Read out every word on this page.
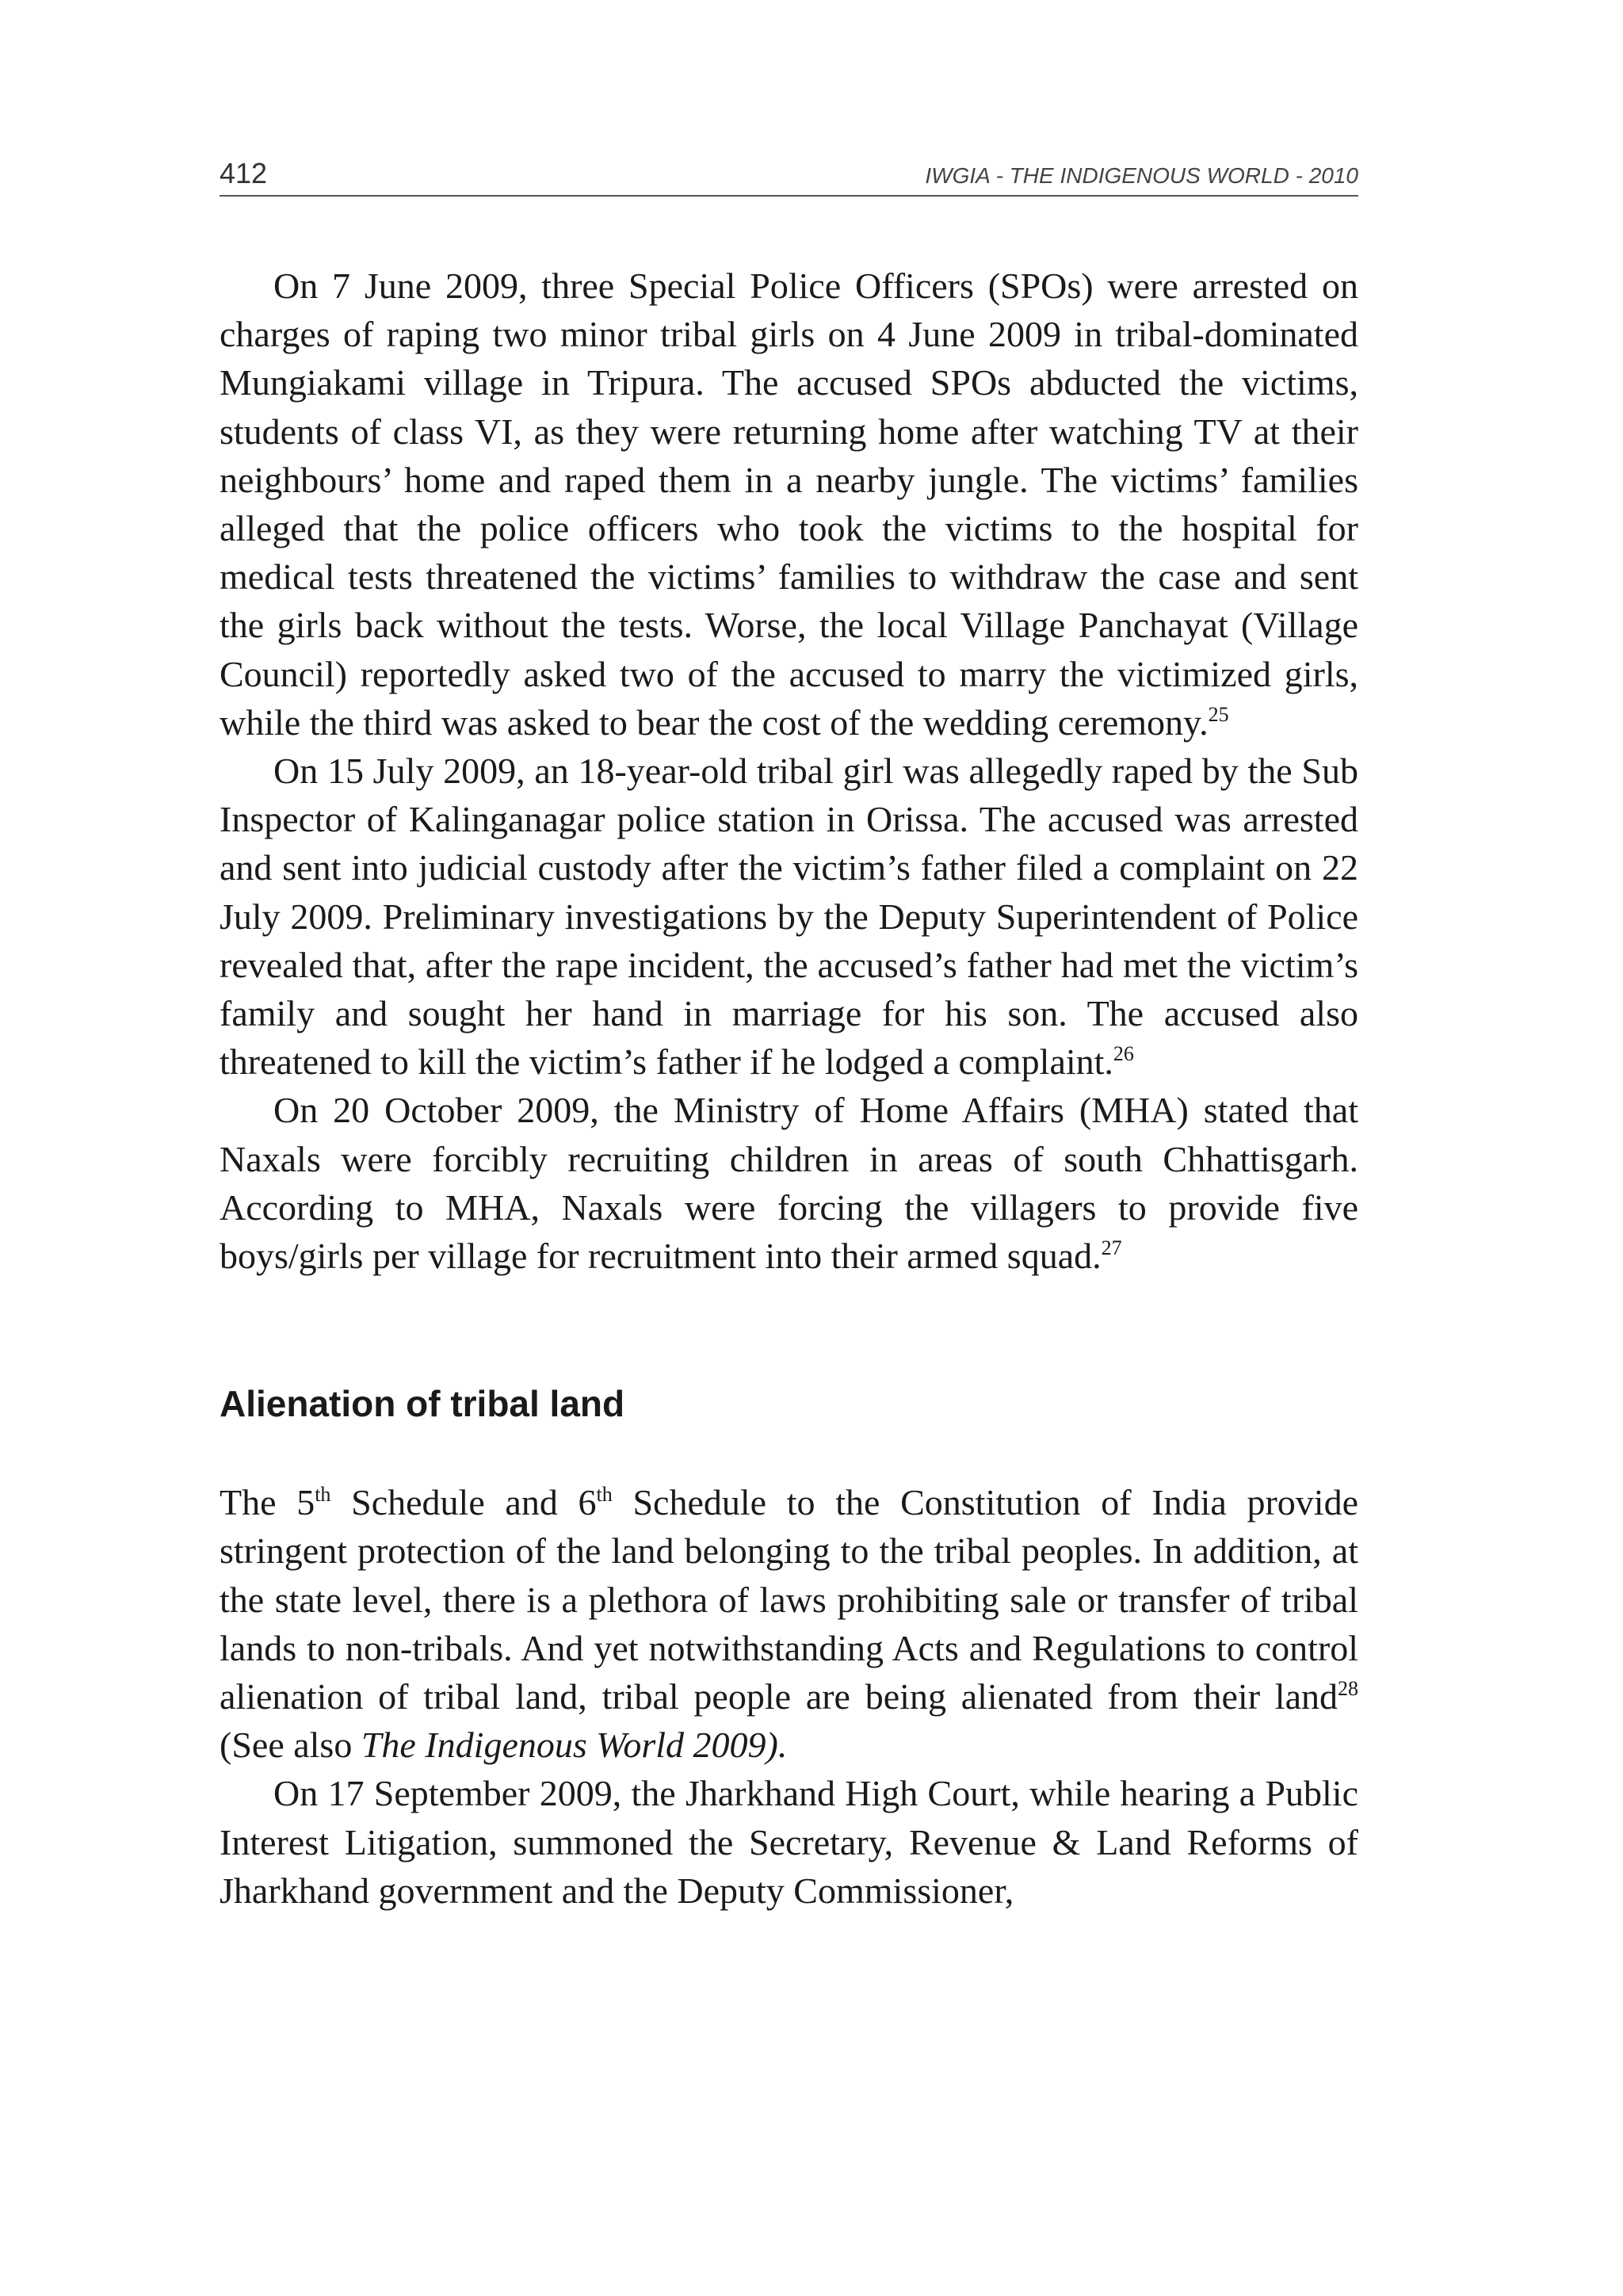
412	IWGIA - THE INDIGENOUS WORLD - 2010

On 7 June 2009, three Special Police Officers (SPOs) were arrested on charges of raping two minor tribal girls on 4 June 2009 in tribal-dominated Mungiakami village in Tripura. The accused SPOs abducted the victims, students of class VI, as they were returning home after watching TV at their neighbours’ home and raped them in a nearby jungle. The victims’ families alleged that the police officers who took the victims to the hospital for medical tests threatened the victims’ families to withdraw the case and sent the girls back without the tests. Worse, the local Village Panchayat (Village Council) reportedly asked two of the accused to marry the victimized girls, while the third was asked to bear the cost of the wedding ceremony.$^{25}$

On 15 July 2009, an 18-year-old tribal girl was allegedly raped by the Sub Inspector of Kalinganagar police station in Orissa. The accused was arrested and sent into judicial custody after the victim’s father filed a complaint on 22 July 2009. Preliminary investigations by the Deputy Superintendent of Police revealed that, after the rape incident, the accused’s father had met the victim’s family and sought her hand in marriage for his son. The accused also threatened to kill the victim’s father if he lodged a complaint.$^{26}$

On 20 October 2009, the Ministry of Home Affairs (MHA) stated that Naxals were forcibly recruiting children in areas of south Chhattisgarh. According to MHA, Naxals were forcing the villagers to provide five boys/girls per village for recruitment into their armed squad.$^{27}$

Alienation of tribal land

The 5th Schedule and 6th Schedule to the Constitution of India provide stringent protection of the land belonging to the tribal peoples. In addition, at the state level, there is a plethora of laws prohibiting sale or transfer of tribal lands to non-tribals. And yet notwithstanding Acts and Regulations to control alienation of tribal land, tribal people are being alienated from their land$^{28}$ (See also The Indigenous World 2009).

On 17 September 2009, the Jharkhand High Court, while hearing a Public Interest Litigation, summoned the Secretary, Revenue & Land Reforms of Jharkhand government and the Deputy Commissioner,
